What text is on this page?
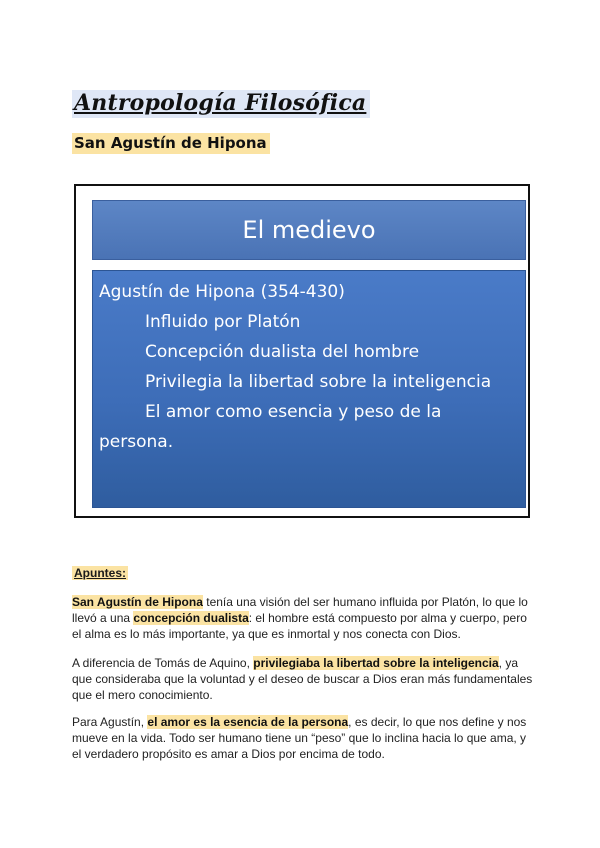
Antropología Filosófica
San Agustín de Hipona
El medievo
Agustín de Hipona (354-430)
Influido por Platón
Concepción dualista del hombre
Privilegia la libertad sobre la inteligencia
El amor como esencia y peso de la
persona.
Apuntes:
San Agustín de Hipona tenía una visión del ser humano influida por Platón, lo que lo llevó a una concepción dualista: el hombre está compuesto por alma y cuerpo, pero el alma es lo más importante, ya que es inmortal y nos conecta con Dios.
A diferencia de Tomás de Aquino, privilegiaba la libertad sobre la inteligencia, ya que consideraba que la voluntad y el deseo de buscar a Dios eran más fundamentales que el mero conocimiento.
Para Agustín, el amor es la esencia de la persona, es decir, lo que nos define y nos mueve en la vida. Todo ser humano tiene un “peso” que lo inclina hacia lo que ama, y el verdadero propósito es amar a Dios por encima de todo.
